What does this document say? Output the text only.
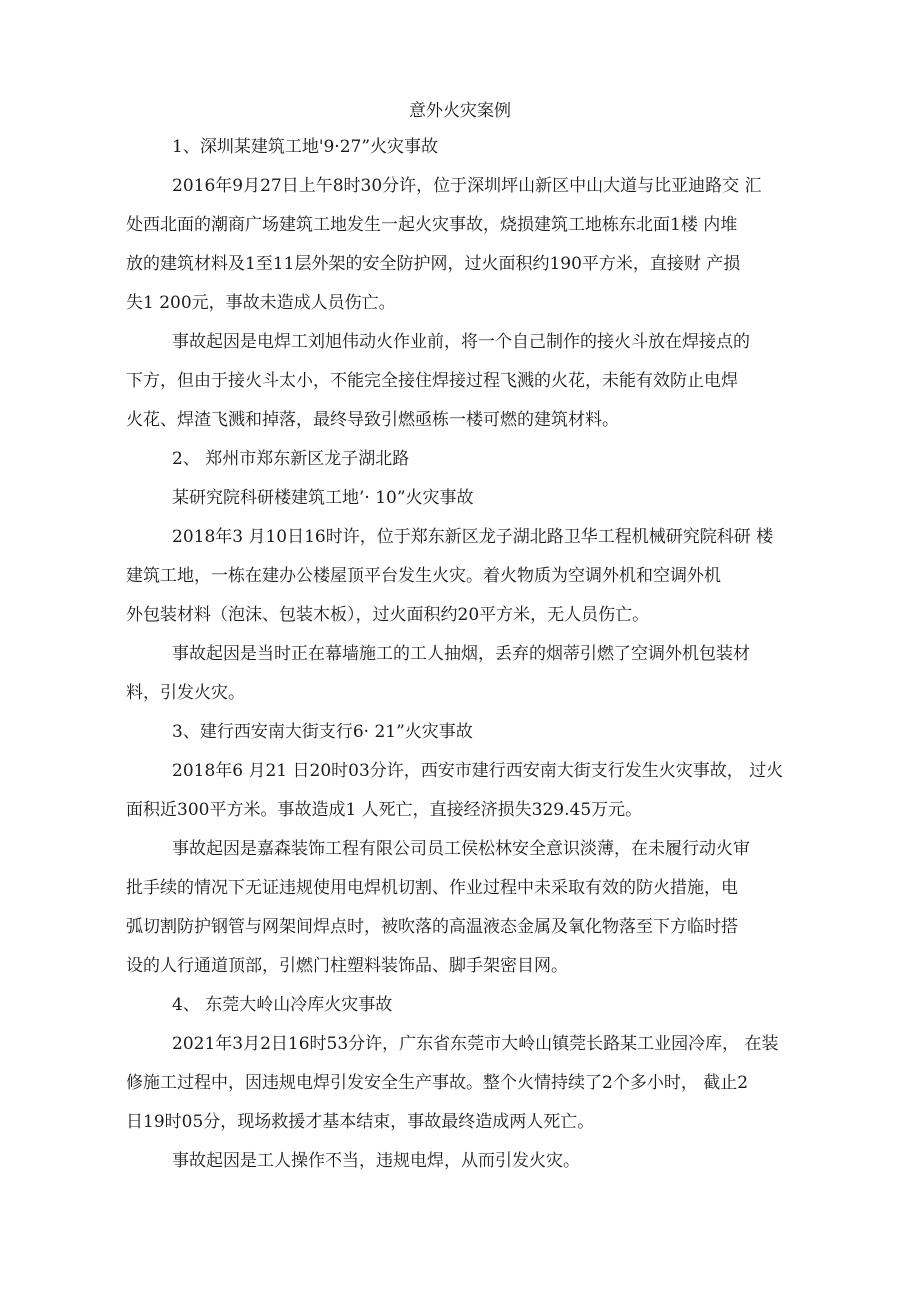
意外火灾案例
1、深圳某建筑工地'9·27”火灾事故
2016年9月27日上午8时30分许，位于深圳坪山新区中山大道与比亚迪路交 汇
处西北面的潮商广场建筑工地发生一起火灾事故，烧损建筑工地栋东北面1楼 内堆
放的建筑材料及1至11层外架的安全防护网，过火面积约190平方米，直接财 产损
失1 200元，事故未造成人员伤亡。
事故起因是电焊工刘旭伟动火作业前，将一个自己制作的接火斗放在焊接点的
下方，但由于接火斗太小，不能完全接住焊接过程飞溅的火花，未能有效防止电焊
火花、焊渣飞溅和掉落，最终导致引燃亟栋一楼可燃的建筑材料。
2、 郑州市郑东新区龙子湖北路
某研究院科研楼建筑工地’· 10”火灾事故
2018年3 月10日16时许，位于郑东新区龙子湖北路卫华工程机械研究院科研 楼
建筑工地，一栋在建办公楼屋顶平台发生火灾。着火物质为空调外机和空调外机
外包装材料（泡沫、包装木板），过火面积约20平方米，无人员伤亡。
事故起因是当时正在幕墙施工的工人抽烟，丢弃的烟蒂引燃了空调外机包装材
料，引发火灾。
3、建行西安南大街支行6· 21”火灾事故
2018年6 月21 日20时03分许，西安市建行西安南大街支行发生火灾事故， 过火
面积近300平方米。事故造成1 人死亡，直接经济损失329.45万元。
事故起因是嘉森装饰工程有限公司员工侯松林安全意识淡薄，在未履行动火审
批手续的情况下无证违规使用电焊机切割、作业过程中未采取有效的防火措施，电
弧切割防护钢管与网架间焊点时，被吹落的高温液态金属及氧化物落至下方临时搭
设的人行通道顶部，引燃门柱塑料装饰品、脚手架密目网。
4、 东莞大岭山冷库火灾事故
2021年3月2日16时53分许，广东省东莞市大岭山镇莞长路某工业园冷库， 在装
修施工过程中，因违规电焊引发安全生产事故。整个火情持续了2个多小时， 截止2
日19时05分，现场救援才基本结束，事故最终造成两人死亡。
事故起因是工人操作不当，违规电焊，从而引发火灾。
